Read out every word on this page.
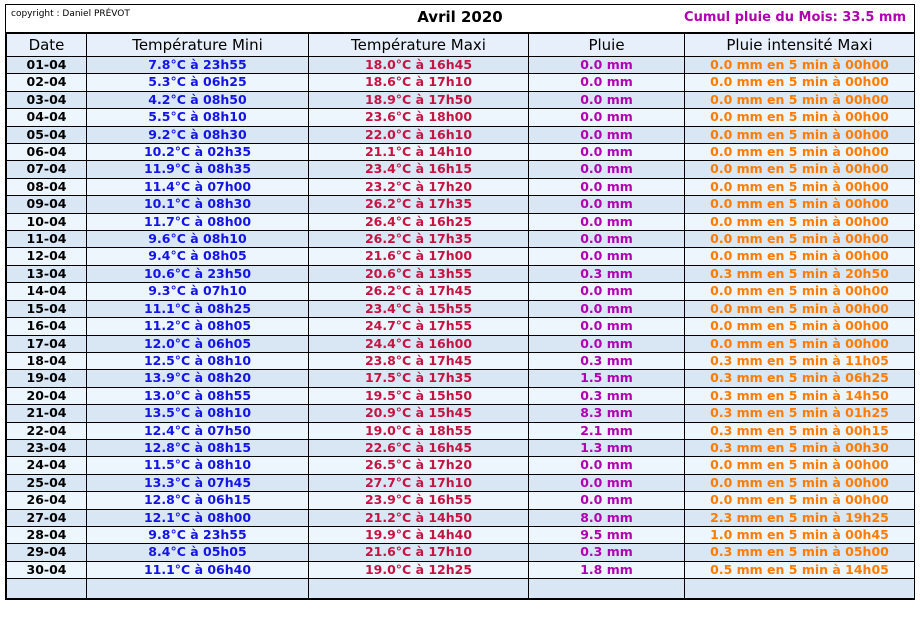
copyright : Daniel PRÉVOT	Avril 2020	Cumul pluie du Mois: 33.5 mm
Date	Température Mini	Température Maxi	Pluie	Pluie intensité Maxi
01-04	7.8°C à 23h55	18.0°C à 16h45	0.0 mm	0.0 mm en 5 min à 00h00
02-04	5.3°C à 06h25	18.6°C à 17h10	0.0 mm	0.0 mm en 5 min à 00h00
03-04	4.2°C à 08h50	18.9°C à 17h50	0.0 mm	0.0 mm en 5 min à 00h00
04-04	5.5°C à 08h10	23.6°C à 18h00	0.0 mm	0.0 mm en 5 min à 00h00
05-04	9.2°C à 08h30	22.0°C à 16h10	0.0 mm	0.0 mm en 5 min à 00h00
06-04	10.2°C à 02h35	21.1°C à 14h10	0.0 mm	0.0 mm en 5 min à 00h00
07-04	11.9°C à 08h35	23.4°C à 16h15	0.0 mm	0.0 mm en 5 min à 00h00
08-04	11.4°C à 07h00	23.2°C à 17h20	0.0 mm	0.0 mm en 5 min à 00h00
09-04	10.1°C à 08h30	26.2°C à 17h35	0.0 mm	0.0 mm en 5 min à 00h00
10-04	11.7°C à 08h00	26.4°C à 16h25	0.0 mm	0.0 mm en 5 min à 00h00
11-04	9.6°C à 08h10	26.2°C à 17h35	0.0 mm	0.0 mm en 5 min à 00h00
12-04	9.4°C à 08h05	21.6°C à 17h00	0.0 mm	0.0 mm en 5 min à 00h00
13-04	10.6°C à 23h50	20.6°C à 13h55	0.3 mm	0.3 mm en 5 min à 20h50
14-04	9.3°C à 07h10	26.2°C à 17h45	0.0 mm	0.0 mm en 5 min à 00h00
15-04	11.1°C à 08h25	23.4°C à 15h55	0.0 mm	0.0 mm en 5 min à 00h00
16-04	11.2°C à 08h05	24.7°C à 17h55	0.0 mm	0.0 mm en 5 min à 00h00
17-04	12.0°C à 06h05	24.4°C à 16h00	0.0 mm	0.0 mm en 5 min à 00h00
18-04	12.5°C à 08h10	23.8°C à 17h45	0.3 mm	0.3 mm en 5 min à 11h05
19-04	13.9°C à 08h20	17.5°C à 17h35	1.5 mm	0.3 mm en 5 min à 06h25
20-04	13.0°C à 08h55	19.5°C à 15h50	0.3 mm	0.3 mm en 5 min à 14h50
21-04	13.5°C à 08h10	20.9°C à 15h45	8.3 mm	0.3 mm en 5 min à 01h25
22-04	12.4°C à 07h50	19.0°C à 18h55	2.1 mm	0.3 mm en 5 min à 00h15
23-04	12.8°C à 08h15	22.6°C à 16h45	1.3 mm	0.3 mm en 5 min à 00h30
24-04	11.5°C à 08h10	26.5°C à 17h20	0.0 mm	0.0 mm en 5 min à 00h00
25-04	13.3°C à 07h45	27.7°C à 17h10	0.0 mm	0.0 mm en 5 min à 00h00
26-04	12.8°C à 06h15	23.9°C à 16h55	0.0 mm	0.0 mm en 5 min à 00h00
27-04	12.1°C à 08h00	21.2°C à 14h50	8.0 mm	2.3 mm en 5 min à 19h25
28-04	9.8°C à 23h55	19.9°C à 14h40	9.5 mm	1.0 mm en 5 min à 00h45
29-04	8.4°C à 05h05	21.6°C à 17h10	0.3 mm	0.3 mm en 5 min à 05h00
30-04	11.1°C à 06h40	19.0°C à 12h25	1.8 mm	0.5 mm en 5 min à 14h05
